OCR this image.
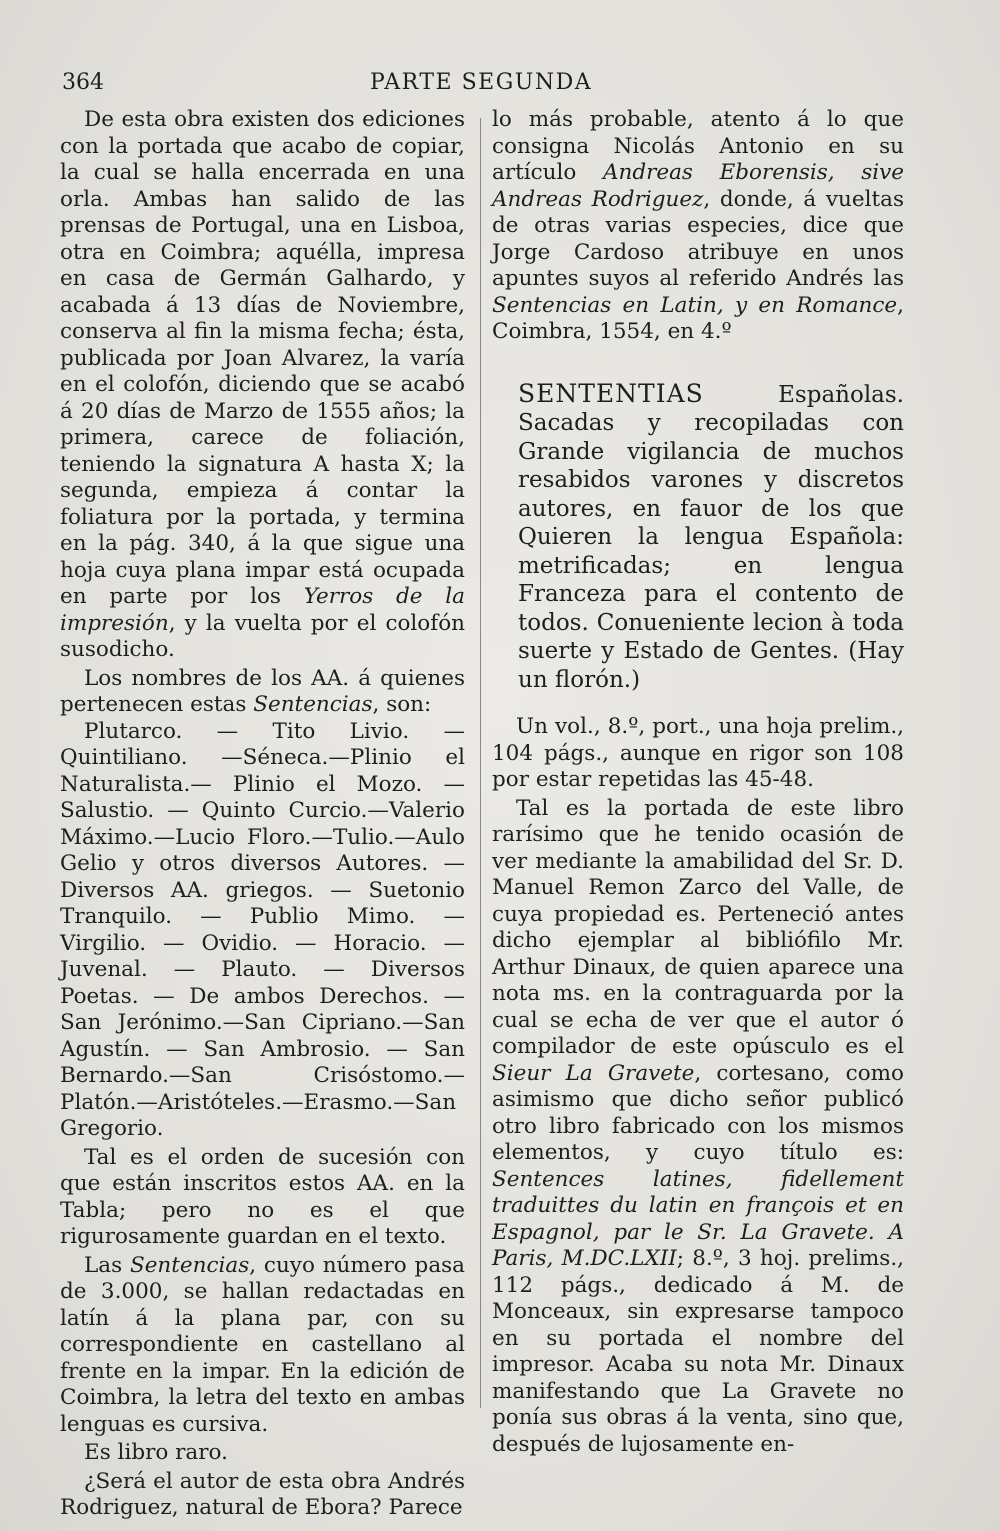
364	PARTE SEGUNDA

De esta obra existen dos ediciones con la portada que acabo de copiar, la cual se halla encerrada en una orla. Ambas han salido de las prensas de Portugal, una en Lisboa, otra en Coimbra; aquélla, impresa en casa de Germán Galhardo, y acabada á 13 días de Noviembre, conserva al fin la misma fecha; ésta, publicada por Joan Alvarez, la varía en el colofón, diciendo que se acabó á 20 días de Marzo de 1555 años; la primera, carece de foliación, teniendo la signatura A hasta X; la segunda, empieza á contar la foliatura por la portada, y termina en la pág. 340, á la que sigue una hoja cuya plana impar está ocupada en parte por los Yerros de la impresión, y la vuelta por el colofón susodicho.

Los nombres de los AA. á quienes pertenecen estas Sentencias, son:

Plutarco. — Tito Livio. — Quintiliano. —Séneca.—Plinio el Naturalista.— Plinio el Mozo. — Salustio. — Quinto Curcio.—Valerio Máximo.—Lucio Floro.—Tulio.—Aulo Gelio y otros diversos Autores. — Diversos AA. griegos. — Suetonio Tranquilo. — Publio Mimo. — Virgilio. — Ovidio. — Horacio. — Juvenal. — Plauto. — Diversos Poetas. — De ambos Derechos. — San Jerónimo.—San Cipriano.—San Agustín. — San Ambrosio. — San Bernardo.—San Crisóstomo.—Platón.—Aristóteles.—Erasmo.—San Gregorio.

Tal es el orden de sucesión con que están inscritos estos AA. en la Tabla; pero no es el que rigurosamente guardan en el texto.

Las Sentencias, cuyo número pasa de 3.000, se hallan redactadas en latín á la plana par, con su correspondiente en castellano al frente en la impar. En la edición de Coimbra, la letra del texto en ambas lenguas es cursiva.

Es libro raro.

¿Será el autor de esta obra Andrés Rodriguez, natural de Ebora? Parece

lo más probable, atento á lo que consigna Nicolás Antonio en su artículo Andreas Eborensis, sive Andreas Rodriguez, donde, á vueltas de otras varias especies, dice que Jorge Cardoso atribuye en unos apuntes suyos al referido Andrés las Sentencias en Latin, y en Romance, Coimbra, 1554, en 4.º

SENTENTIAS	Españolas. Sacadas y recopiladas con Grande vigilancia de muchos resabidos varones y discretos autores, en fauor de los que Quieren la lengua Española: metrificadas; en lengua Franceza para el contento de todos. Conueniente lecion à toda suerte y Estado de Gentes. (Hay un florón.)

Un vol., 8.º, port., una hoja prelim., 104 págs., aunque en rigor son 108 por estar repetidas las 45-48.

Tal es la portada de este libro rarísimo que he tenido ocasión de ver mediante la amabilidad del Sr. D. Manuel Remon Zarco del Valle, de cuya propiedad es. Perteneció antes dicho ejemplar al bibliófilo Mr. Arthur Dinaux, de quien aparece una nota ms. en la contraguarda por la cual se echa de ver que el autor ó compilador de este opúsculo es el Sieur La Gravete, cortesano, como asimismo que dicho señor publicó otro libro fabricado con los mismos elementos, y cuyo título es: Sentences latines, fidellement traduittes du latin en françois et en Espagnol, par le Sr. La Gravete. A Paris, M.DC.LXII; 8.º, 3 hoj. prelims., 112 págs., dedicado á M. de Monceaux, sin expresarse tampoco en su portada el nombre del impresor. Acaba su nota Mr. Dinaux manifestando que La Gravete no ponía sus obras á la venta, sino que, después de lujosamente en-
